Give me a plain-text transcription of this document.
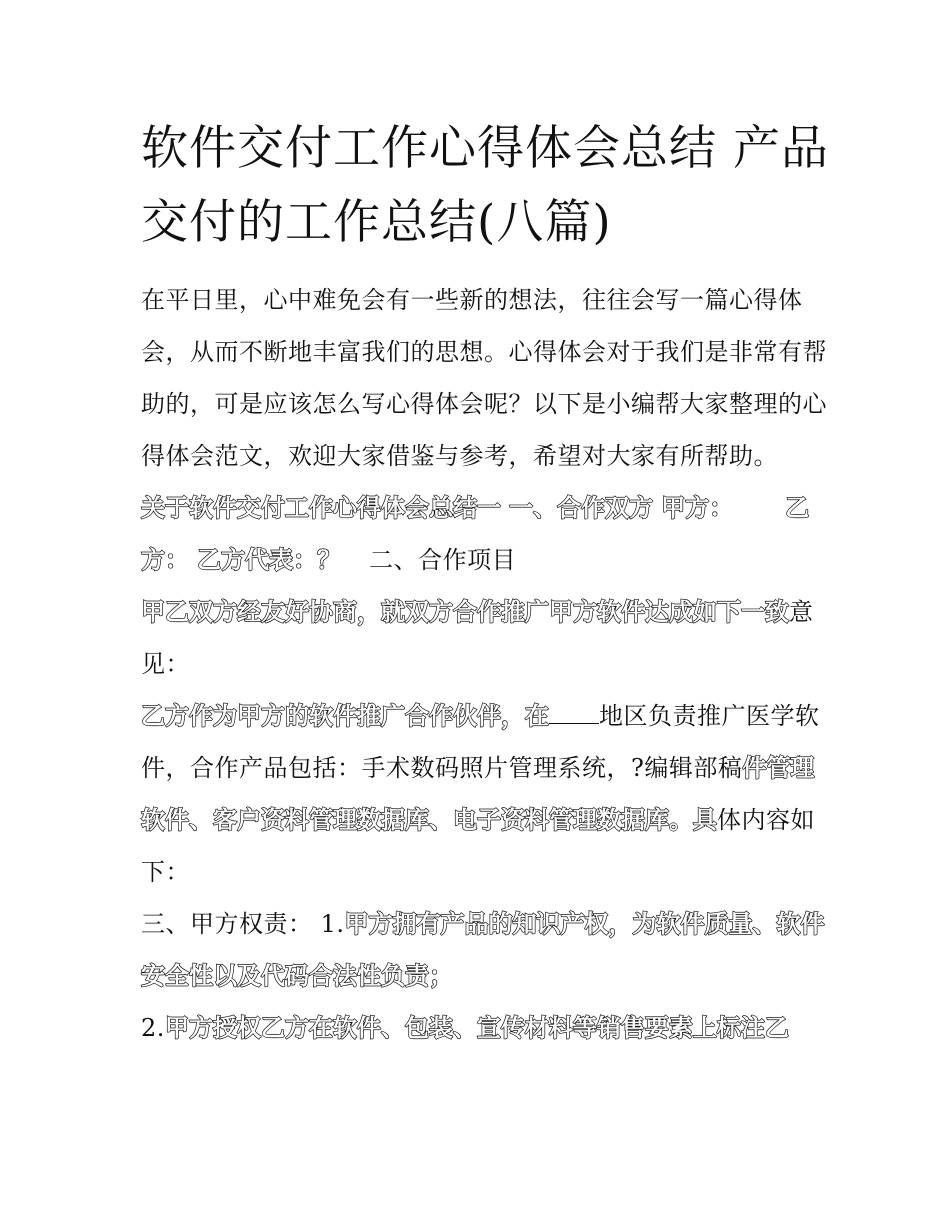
软件交付工作心得体会总结 产品交付的工作总结(八篇)

在平日里，心中难免会有一些新的想法，往往会写一篇心得体会，从而不断地丰富我们的思想。心得体会对于我们是非常有帮助的，可是应该怎么写心得体会呢？以下是小编帮大家整理的心得体会范文，欢迎大家借鉴与参考，希望对大家有所帮助。

关于软件交付工作心得体会总结一 一、合作双方 甲方： 乙方： 乙方代表：？ 二、合作项目

甲乙双方经友好协商，就双方合作推广甲方软件达成如下一致意见：

乙方作为甲方的软件推广合作伙伴，在 地区负责推广医学软件，合作产品包括：手术数码照片管理系统，?编辑部稿件管理软件、客户资料管理数据库、电子资料管理数据库。具体内容如下：

三、甲方权责： 1.甲方拥有产品的知识产权，为软件质量、软件安全性以及代码合法性负责；

2.甲方授权乙方在软件、包装、宣传材料等销售要素上标注乙
